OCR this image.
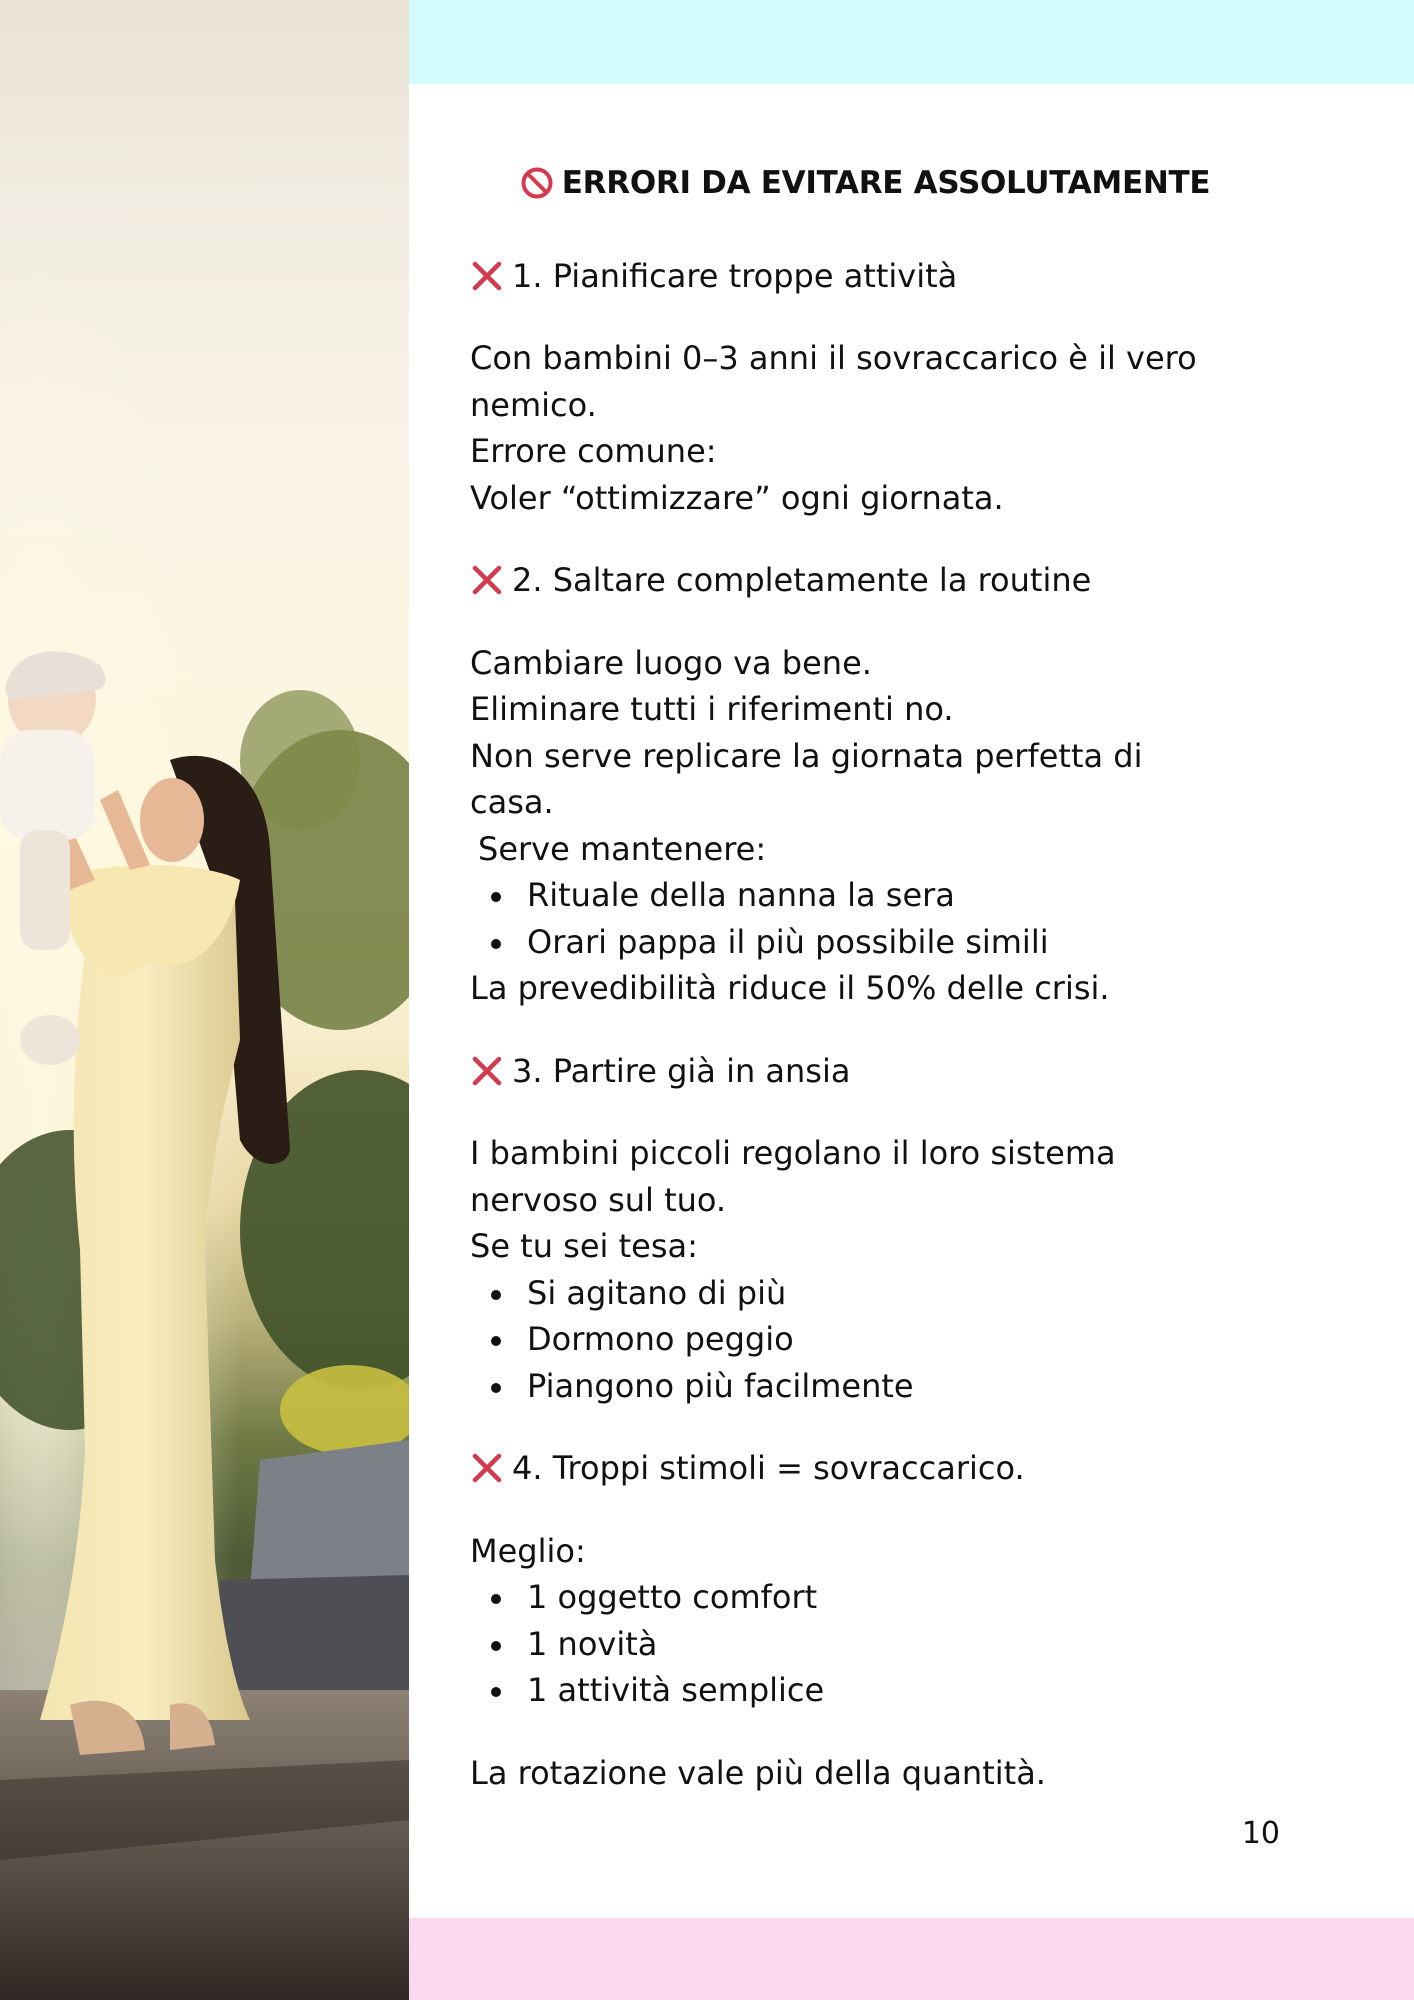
ERRORI DA EVITARE ASSOLUTAMENTE
1. Pianificare troppe attività

Con bambini 0–3 anni il sovraccarico è il vero

nemico.

Errore comune:

Voler “ottimizzare” ogni giornata.

2. Saltare completamente la routine

Cambiare luogo va bene.

Eliminare tutti i riferimenti no.

Non serve replicare la giornata perfetta di

casa.

Serve mantenere:

Rituale della nanna la sera
Orari pappa il più possibile simili

La prevedibilità riduce il 50% delle crisi.

3. Partire già in ansia

I bambini piccoli regolano il loro sistema

nervoso sul tuo.

Se tu sei tesa:

Si agitano di più
Dormono peggio
Piangono più facilmente
4. Troppi stimoli = sovraccarico.

Meglio:

1 oggetto comfort
1 novità
1 attività semplice

La rotazione vale più della quantità.

10
